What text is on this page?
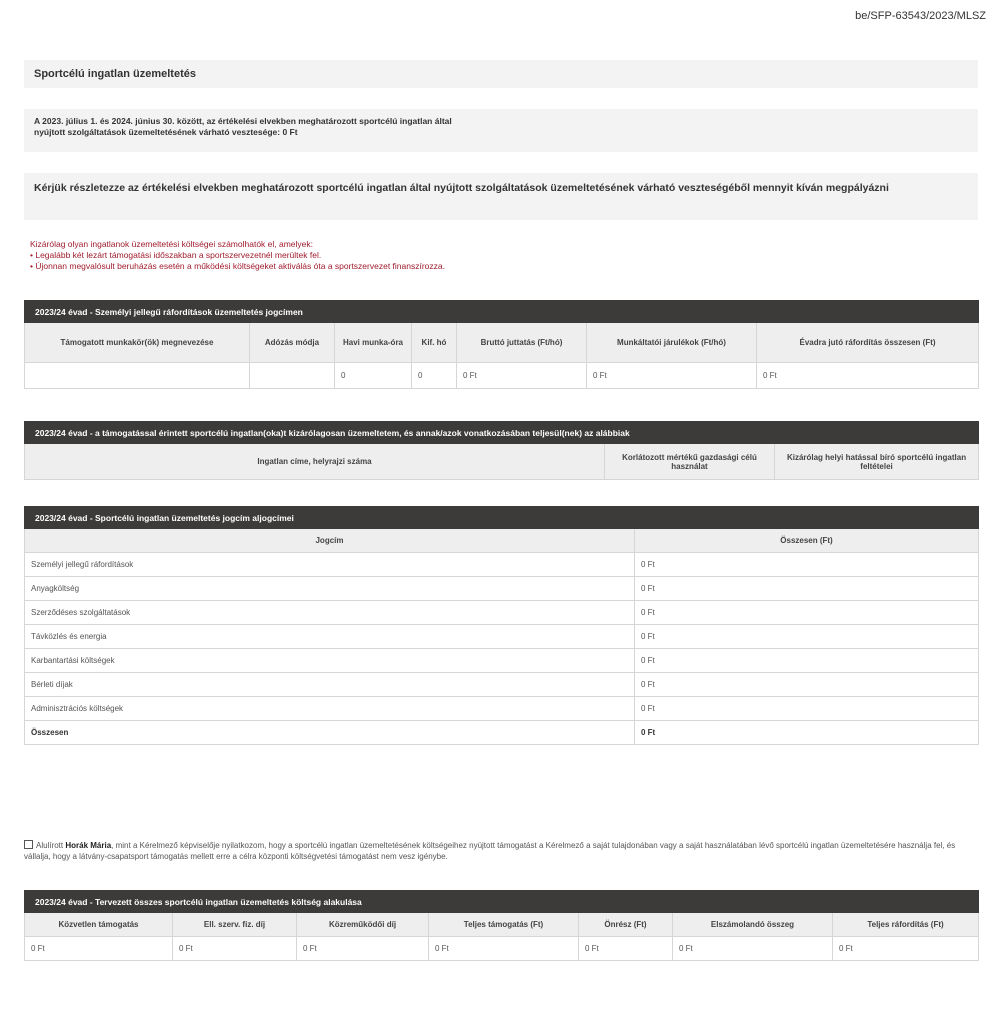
be/SFP-63543/2023/MLSZ
Sportcélú ingatlan üzemeltetés
A 2023. július 1. és 2024. június 30. között, az értékelési elvekben meghatározott sportcélú ingatlan által
nyújtott szolgáltatások üzemeltetésének várható vesztesége: 0 Ft
Kérjük részletezze az értékelési elvekben meghatározott sportcélú ingatlan által nyújtott szolgáltatások üzemeltetésének várható veszteségéből mennyit kíván megpályázni
Kizárólag olyan ingatlanok üzemeltetési költségei számolhatók el, amelyek:
• Legalább két lezárt támogatási időszakban a sportszervezetnél merültek fel.
• Újonnan megvalósult beruházás esetén a működési költségeket aktiválás óta a sportszervezet finanszírozza.
2023/24 évad - Személyi jellegű ráfordítások üzemeltetés jogcímen						
Támogatott munkakör(ök) megnevezése	Adózás módja	Havi munka-óra	Kif. hó	Bruttó juttatás (Ft/hó)	Munkáltatói járulékok (Ft/hó)	Évadra jutó ráfordítás összesen (Ft)
		0	0	0 Ft	0 Ft	0 Ft
2023/24 évad - a támogatással érintett sportcélú ingatlan(oka)t kizárólagosan üzemeltetem, és annak/azok vonatkozásában teljesül(nek) az alábbiak
Ingatlan címe, helyrajzi száma	Korlátozott mértékű gazdasági célú használat	Kizárólag helyi hatással bíró sportcélú ingatlan feltételei
2023/24 évad - Sportcélú ingatlan üzemeltetés jogcím aljogcímei	
Jogcím	Összesen (Ft)
Személyi jellegű ráfordítások	0 Ft
Anyagköltség	0 Ft
Szerződéses szolgáltatások	0 Ft
Távközlés és energia	0 Ft
Karbantartási költségek	0 Ft
Bérleti díjak	0 Ft
Adminisztrációs költségek	0 Ft
Összesen	0 Ft
Alulírott Horák Mária, mint a Kérelmező képviselője nyilatkozom, hogy a sportcélú ingatlan üzemeltetésének költségeihez nyújtott támogatást a Kérelmező a saját tulajdonában vagy a saját használatában lévő sportcélú ingatlan üzemeltetésére használja fel, és vállalja, hogy a látvány-csapatsport támogatás mellett erre a célra központi költségvetési támogatást nem vesz igénybe.
2023/24 évad - Tervezett összes sportcélú ingatlan üzemeltetés költség alakulása						
Közvetlen támogatás	Ell. szerv. fiz. díj	Közreműködői díj	Teljes támogatás (Ft)	Önrész (Ft)	Elszámolandó összeg	Teljes ráfordítás (Ft)
0 Ft	0 Ft	0 Ft	0 Ft	0 Ft	0 Ft	0 Ft
